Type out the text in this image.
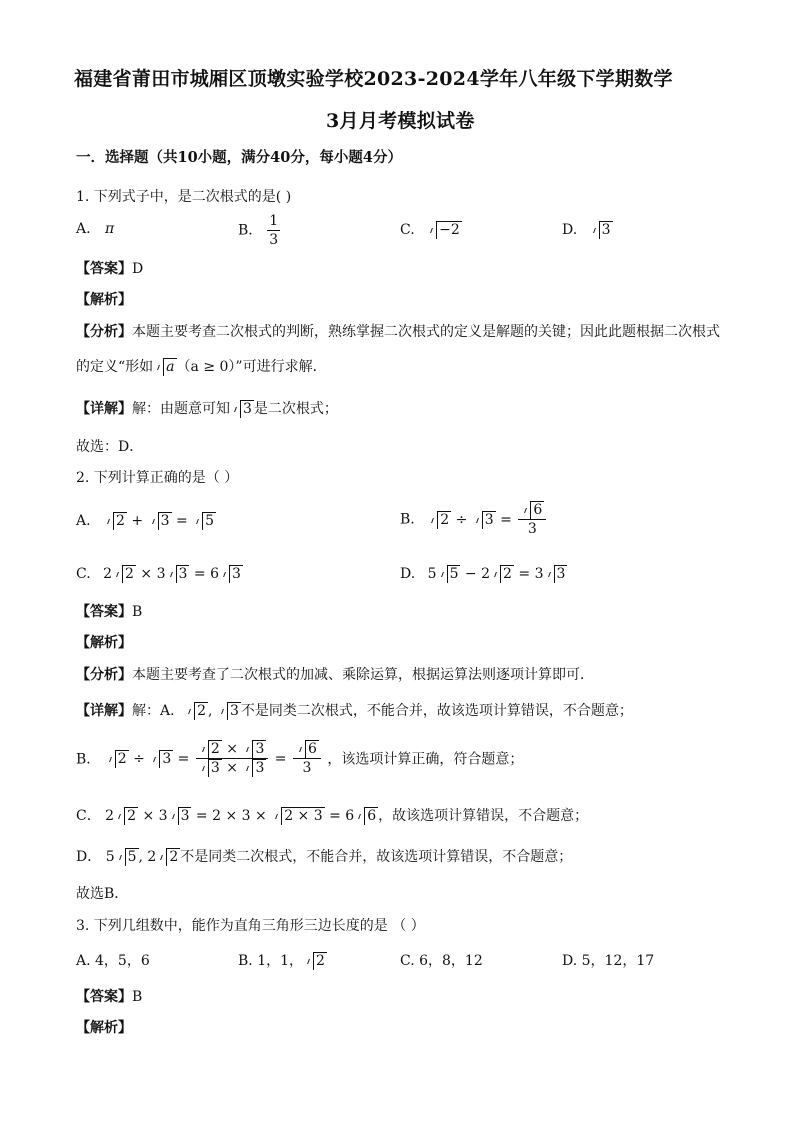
福建省莆田市城厢区顶墩实验学校2023-2024学年八年级下学期数学
3月月考模拟试卷
一．选择题（共10小题，满分40分，每小题4分）
1. 下列式子中，是二次根式的是( )
A. π	B. $\frac{1}{3}$	C. −2	D. 3
【答案】D
【解析】
【分析】本题主要考查二次根式的判断，熟练掌握二次根式的定义是解题的关键；因此此题根据二次根式
的定义“形如 a （a ≥ 0）”可进行求解．
【详解】解：由题意可知 3 是二次根式；
故选：D．
2. 下列计算正确的是（ ）
A. 2 + 3 = 5	B. $2 \div 3 = \frac{6}{3}$
C. 2 2 × 3 3 = 6 3	D. 5 5 − 2 2 = 3 3
【答案】B
【解析】
【分析】本题主要考查了二次根式的加减、乘除运算，根据运算法则逐项计算即可．
【详解】解：A． 2 , 3 不是同类二次根式，不能合并，故该选项计算错误，不合题意；
B． $2 \div 3 = \frac{2 \times 3}{3 \times 3} = \frac{6}{3}$ ，该选项计算正确，符合题意；
C． 2 2 × 3 3 = 2 × 3 × 2 × 3 = 6 6 ，故该选项计算错误，不合题意；
D． 5 5 , 2 2 不是同类二次根式，不能合并，故该选项计算错误，不合题意；
故选B．
3. 下列几组数中，能作为直角三角形三边长度的是 （ ）
A. 4，5，6	B. 1，1， 2	C. 6，8，12	D. 5，12，17
【答案】B
【解析】
